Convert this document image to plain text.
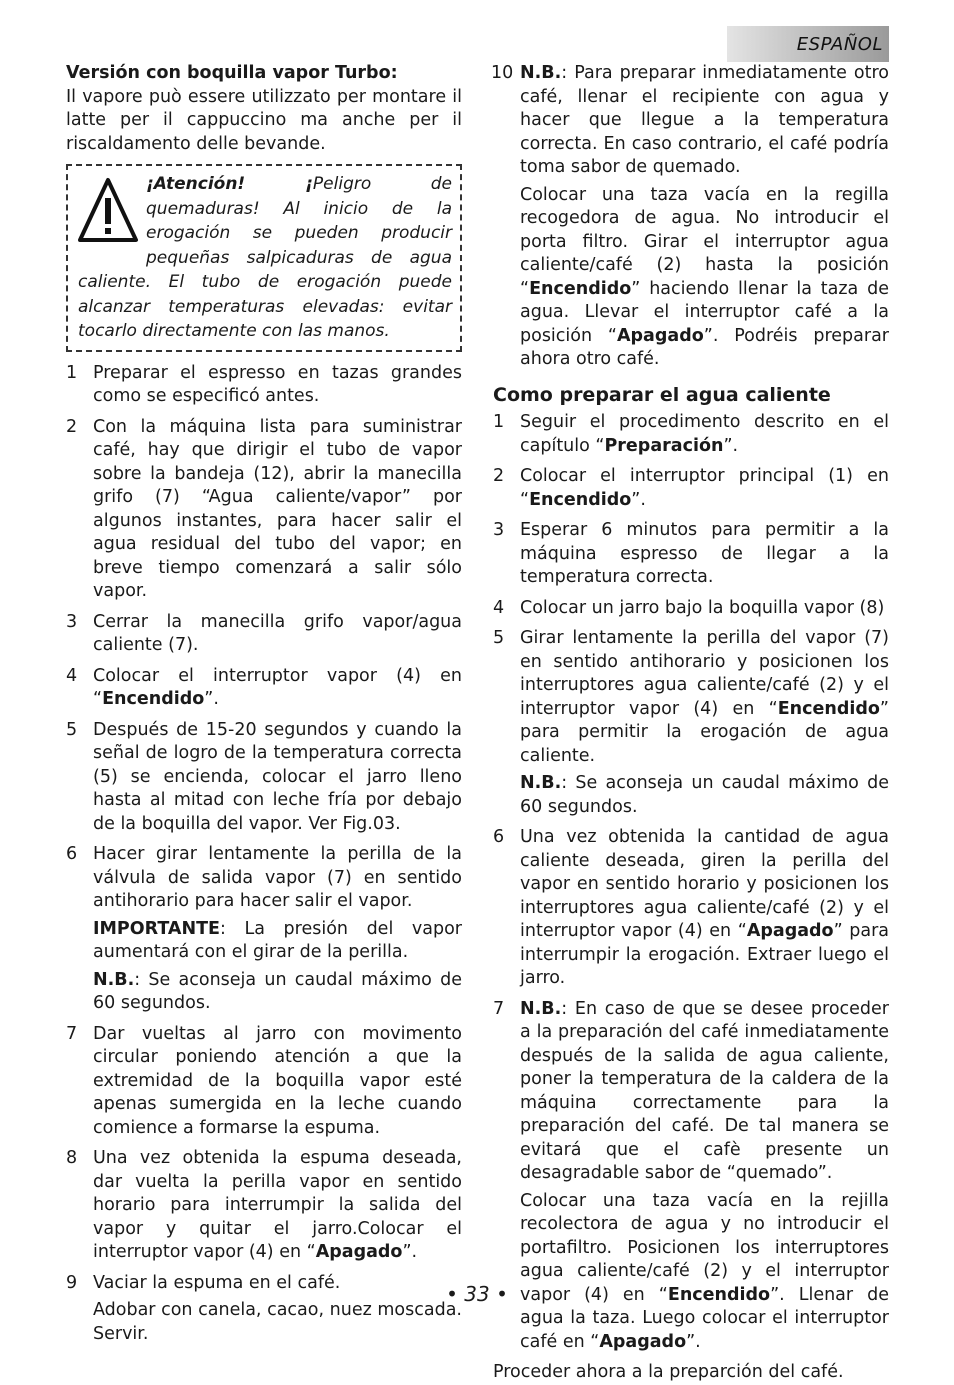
ESPAÑOL

Versión con boquilla vapor Turbo:

Il vapore può essere utilizzato per montare il latte per il cappuccino ma anche per il riscaldamento delle bevande.

¡Atención! ¡Peligro de quemaduras! Al inicio de la erogación se pueden producir pequeñas salpicaduras de agua caliente. El tubo de erogación puede alcanzar temperaturas elevadas: evitar tocarlo directamente con las manos.

1 Preparar el espresso en tazas grandes como se especificó antes.

2 Con la máquina lista para suministrar café, hay que dirigir el tubo de vapor sobre la bandeja (12), abrir la manecilla grifo (7) “Agua caliente/vapor” por algunos instantes, para hacer salir el agua residual del tubo del vapor; en breve tiempo comenzará a salir sólo vapor.

3 Cerrar la manecilla grifo vapor/agua caliente (7).

4 Colocar el interruptor vapor (4) en “Encendido”.

5 Después de 15-20 segundos y cuando la señal de logro de la temperatura correcta (5) se encienda, colocar el jarro lleno hasta al mitad con leche fría por debajo de la boquilla del vapor. Ver Fig.03.

6 Hacer girar lentamente la perilla de la válvula de salida vapor (7) en sentido antihorario para hacer salir el vapor.

IMPORTANTE: La presión del vapor aumentará con el girar de la perilla.

N.B.: Se aconseja un caudal máximo de 60 segundos.

7 Dar vueltas al jarro con movimento circular poniendo atención a que la extremidad de la boquilla vapor esté apenas sumergida en la leche cuando comience a formarse la espuma.

8 Una vez obtenida la espuma deseada, dar vuelta la perilla vapor en sentido horario para interrumpir la salida del vapor y quitar el jarro.Colocar el interruptor vapor (4) en “Apagado”.

9 Vaciar la espuma en el café.

Adobar con canela, cacao, nuez moscada. Servir.

10 N.B.: Para preparar inmediatamente otro café, llenar el recipiente con agua y hacer que llegue a la temperatura correcta. En caso contrario, el café podría toma sabor de quemado.

Colocar una taza vacía en la regilla recogedora de agua. No introducir el porta filtro. Girar el interruptor agua caliente/café (2) hasta la posición “Encendido” haciendo llenar la taza de agua. Llevar el interruptor café a la posición “Apagado”. Podréis preparar ahora otro café.

Como preparar el agua caliente

1 Seguir el procedimento descrito en el capítulo “Preparación”.

2 Colocar el interruptor principal (1) en “Encendido”.

3 Esperar 6 minutos para permitir a la máquina espresso de llegar a la temperatura correcta.

4 Colocar un jarro bajo la boquilla vapor (8)

5 Girar lentamente la perilla del vapor (7) en sentido antihorario y posicionen los interruptores agua caliente/café (2) y el interruptor vapor (4) en “Encendido” para permitir la erogación de agua caliente.

N.B.: Se aconseja un caudal máximo de 60 segundos.

6 Una vez obtenida la cantidad de agua caliente deseada, giren la perilla del vapor en sentido horario y posicionen los interruptores agua caliente/café (2) y el interruptor vapor (4) en “Apagado” para interrumpir la erogación. Extraer luego el jarro.

7 N.B.: En caso de que se desee proceder a la preparación del café inmediatamente después de la salida de agua caliente, poner la temperatura de la caldera de la máquina correctamente para la preparación del café. De tal manera se evitará que el cafè presente un desagradable sabor de “quemado”.

Colocar una taza vacía en la rejilla recolectora de agua y no introducir el portafiltro. Posicionen los interruptores agua caliente/café (2) y el interruptor vapor (4) en “Encendido”. Llenar de agua la taza. Luego colocar el interruptor café en “Apagado”.

Proceder ahora a la preparción del café.

• 33 •
